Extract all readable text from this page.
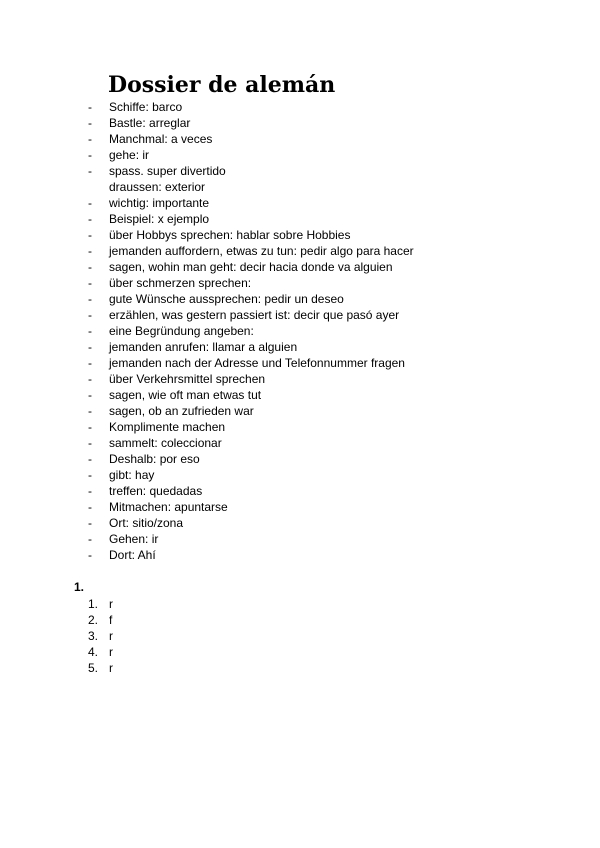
Dossier de alemán
- Schiffe: barco
- Bastle: arreglar
- Manchmal: a veces
- gehe: ir
- spass. super divertido
draussen: exterior
- wichtig: importante
- Beispiel: x ejemplo
- über Hobbys sprechen: hablar sobre Hobbies
- jemanden auffordern, etwas zu tun: pedir algo para hacer
- sagen, wohin man geht: decir hacia donde va alguien
- über schmerzen sprechen:
- gute Wünsche aussprechen: pedir un deseo
- erzählen, was gestern passiert ist: decir que pasó ayer
- eine Begründung angeben:
- jemanden anrufen: llamar a alguien
- jemanden nach der Adresse und Telefonnummer fragen
- über Verkehrsmittel sprechen
- sagen, wie oft man etwas tut
- sagen, ob an zufrieden war
- Komplimente machen
- sammelt: coleccionar
- Deshalb: por eso
- gibt: hay
- treffen: quedadas
- Mitmachen: apuntarse
- Ort: sitio/zona
- Gehen: ir
- Dort: Ahí
1.
1. r
2. f
3. r
4. r
5. r
